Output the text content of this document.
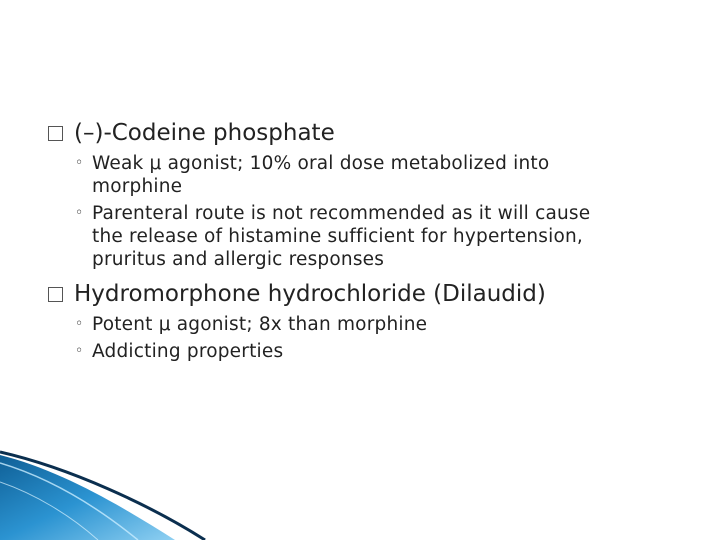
(–)-Codeine phosphate
◦ Weak μ agonist; 10% oral dose metabolized into
morphine
◦ Parenteral route is not recommended as it will cause
the release of histamine sufficient for hypertension,
pruritus and allergic responses
Hydromorphone hydrochloride (Dilaudid)
◦ Potent μ agonist; 8x than morphine
◦ Addicting properties
